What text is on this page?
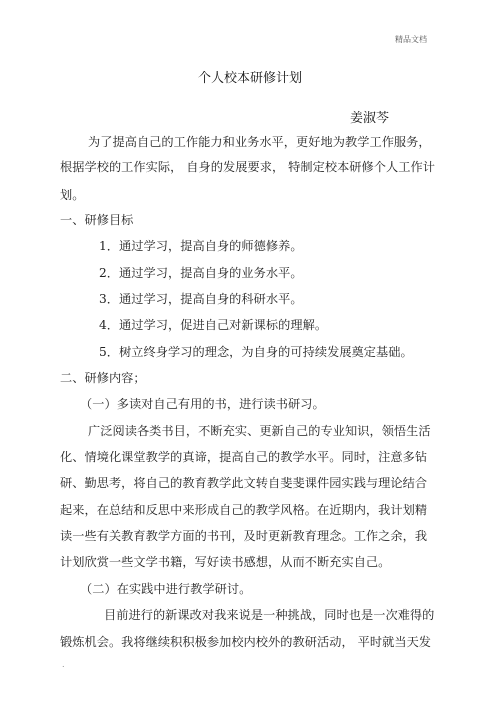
精品文档
个人校本研修计划
姜淑芩
为了提高自己的工作能力和业务水平，更好地为教学工作服务，
根据学校的工作实际， 自身的发展要求， 特制定校本研修个人工作计
划。
一、研修目标
1．通过学习，提高自身的师德修养。
2．通过学习，提高自身的业务水平。
3．通过学习，提高自身的科研水平。
4．通过学习，促进自己对新课标的理解。
5．树立终身学习的理念，为自身的可持续发展奠定基础。
二、研修内容；
（一）多读对自己有用的书，进行读书研习。
广泛阅读各类书目，不断充实、更新自己的专业知识，领悟生活
化、情境化课堂教学的真谛，提高自己的教学水平。同时，注意多钻
研、勤思考，将自己的教育教学此文转自斐斐课件园实践与理论结合
起来，在总结和反思中来形成自己的教学风格。在近期内，我计划精
读一些有关教育教学方面的书刊，及时更新教育理念。工作之余，我
计划欣赏一些文学书籍，写好读书感想，从而不断充实自己。
（二）在实践中进行教学研讨。
目前进行的新课改对我来说是一种挑战，同时也是一次难得的
锻炼机会。我将继续积积极参加校内校外的教研活动， 平时就当天发
.
